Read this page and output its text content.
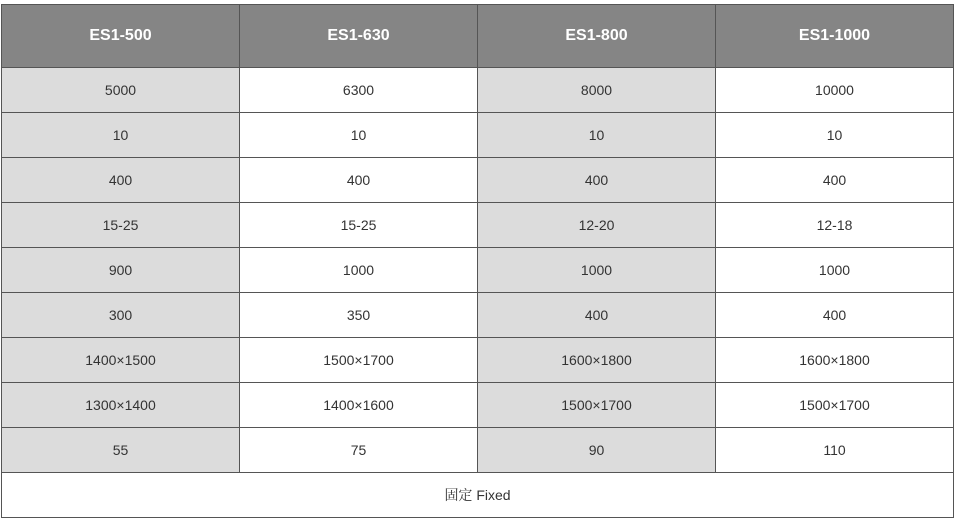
ES1-500	ES1-630	ES1-800	ES1-1000
5000	6300	8000	10000
10	10	10	10
400	400	400	400
15-25	15-25	12-20	12-18
900	1000	1000	1000
300	350	400	400
1400×1500	1500×1700	1600×1800	1600×1800
1300×1400	1400×1600	1500×1700	1500×1700
55	75	90	110
固定 Fixed			
